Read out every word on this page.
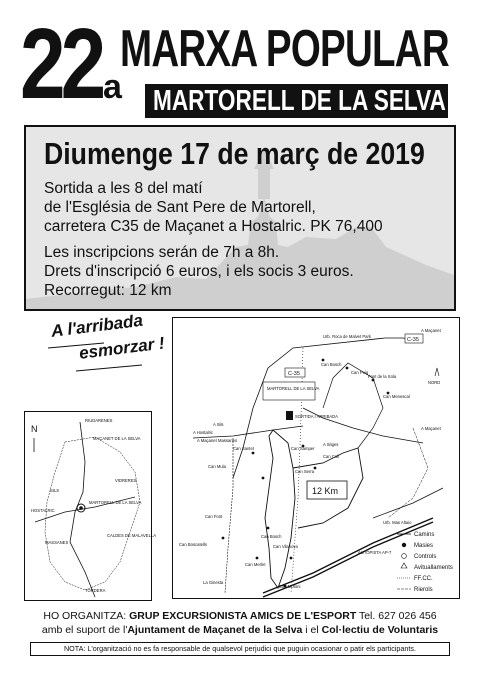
22 a
MARXA POPULAR
MARTORELL DE LA SELVA
Diumenge 17 de març de 2019
Sortida a les 8 del matí
de l'Església de Sant Pere de Martorell,
carretera C35 de Maçanet a Hostalric. PK 76,400
Les inscripcions serán de 7h a 8h.
Drets d'inscripció 6 euros, i els socis 3 euros.
Recorregut: 12 km
A l'arribada
esmorzar !
12 Km
C-35
C-35
MARTORELL DE LA SELVA
SORTIDA I ARRIBADA
Urb. Roca de Malvet Park
Can Bosch
Font de la Sola
Can Puig
Can Menescal
A Maçanet
A Maçanet
NORD
A Sils
A Hostalric
A Maçanet Massanes
A Sitges
Can Santet	Can Samper
Can Mula
Can Serra
Can Coll
Can Font
Can Bosch
Can Boscatells
Can Merlet
Can Vilanova
La Ginesta
Can Motoni
Urb. Mas Altaio
AUTOPISTA AP-7
Camins
Masies
Controls
Avituallaments
FF.CC.
Rierols
N
RIUDARENES
MAÇANET DE LA SELVA
SILS
MARTORELL DE LA SELVA
VIDRERES
HOSTALRIC
MASSANES
CALDES DE MALAVELLA
TORDERA
HO ORGANITZA: GRUP EXCURSIONISTA AMICS DE L'ESPORT Tel. 627 026 456
amb el suport de l'Ajuntament de Maçanet de la Selva i el Col·lectiu de Voluntaris
NOTA: L'organització no es fa responsable de qualsevol perjudici que puguin ocasionar o patir els participants.
